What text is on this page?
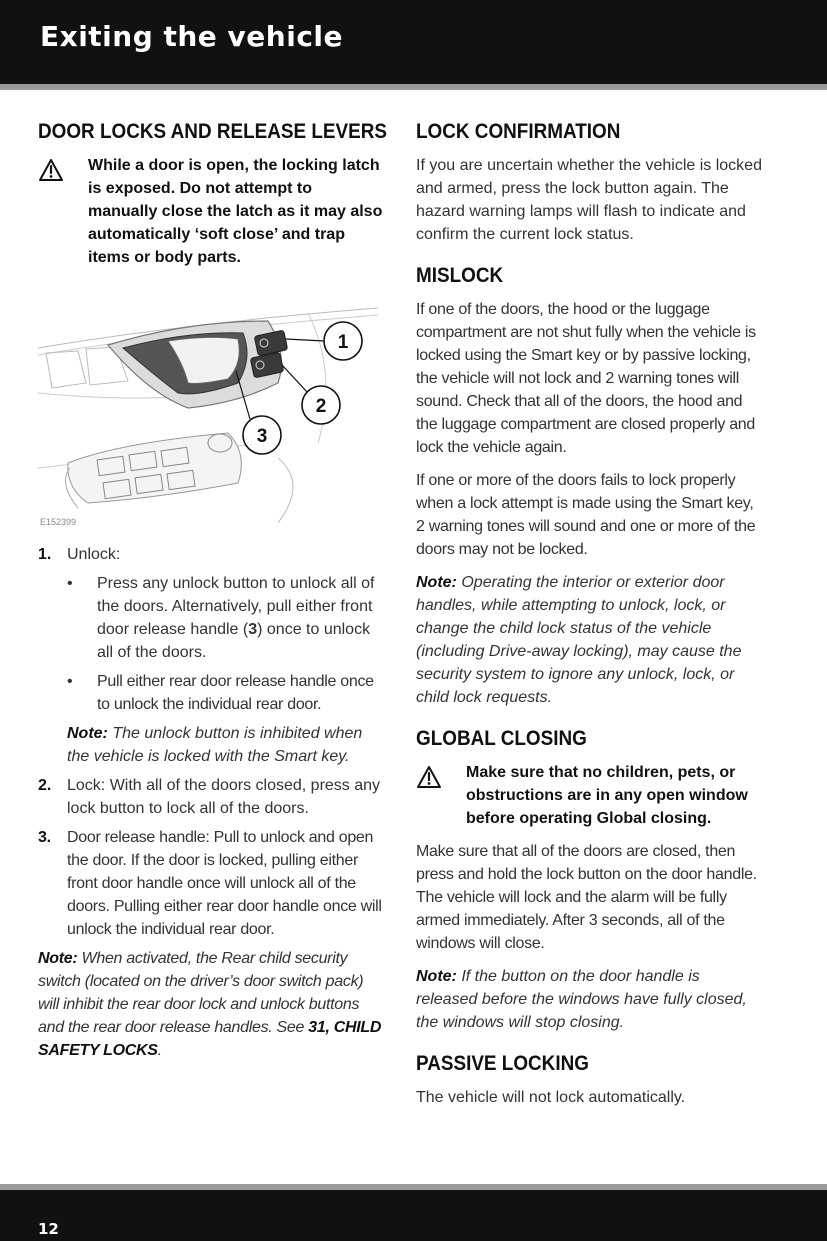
Exiting the vehicle
DOOR LOCKS AND RELEASE LEVERS
While a door is open, the locking latch is exposed. Do not attempt to manually close the latch as it may also automatically ‘soft close’ and trap items or body parts.
1
2
3
E152399
1. Unlock:
• Press any unlock button to unlock all of the doors. Alternatively, pull either front door release handle (3) once to unlock all of the doors.
• Pull either rear door release handle once to unlock the individual rear door.
Note: The unlock button is inhibited when the vehicle is locked with the Smart key.
2. Lock: With all of the doors closed, press any lock button to lock all of the doors.
3. Door release handle: Pull to unlock and open the door. If the door is locked, pulling either front door handle once will unlock all of the doors. Pulling either rear door handle once will unlock the individual rear door.

Note: When activated, the Rear child security switch (located on the driver’s door switch pack) will inhibit the rear door lock and unlock buttons and the rear door release handles. See 31, CHILD SAFETY LOCKS.

LOCK CONFIRMATION

If you are uncertain whether the vehicle is locked and armed, press the lock button again. The hazard warning lamps will flash to indicate and confirm the current lock status.

MISLOCK

If one of the doors, the hood or the luggage compartment are not shut fully when the vehicle is locked using the Smart key or by passive locking, the vehicle will not lock and 2 warning tones will sound. Check that all of the doors, the hood and the luggage compartment are closed properly and lock the vehicle again.

If one or more of the doors fails to lock properly when a lock attempt is made using the Smart key, 2 warning tones will sound and one or more of the doors may not be locked.

Note: Operating the interior or exterior door handles, while attempting to unlock, lock, or change the child lock status of the vehicle (including Drive-away locking), may cause the security system to ignore any unlock, lock, or child lock requests.

GLOBAL CLOSING
Make sure that no children, pets, or obstructions are in any open window before operating Global closing.

Make sure that all of the doors are closed, then press and hold the lock button on the door handle. The vehicle will lock and the alarm will be fully armed immediately. After 3 seconds, all of the windows will close.

Note: If the button on the door handle is released before the windows have fully closed, the windows will stop closing.

PASSIVE LOCKING

The vehicle will not lock automatically.

12
